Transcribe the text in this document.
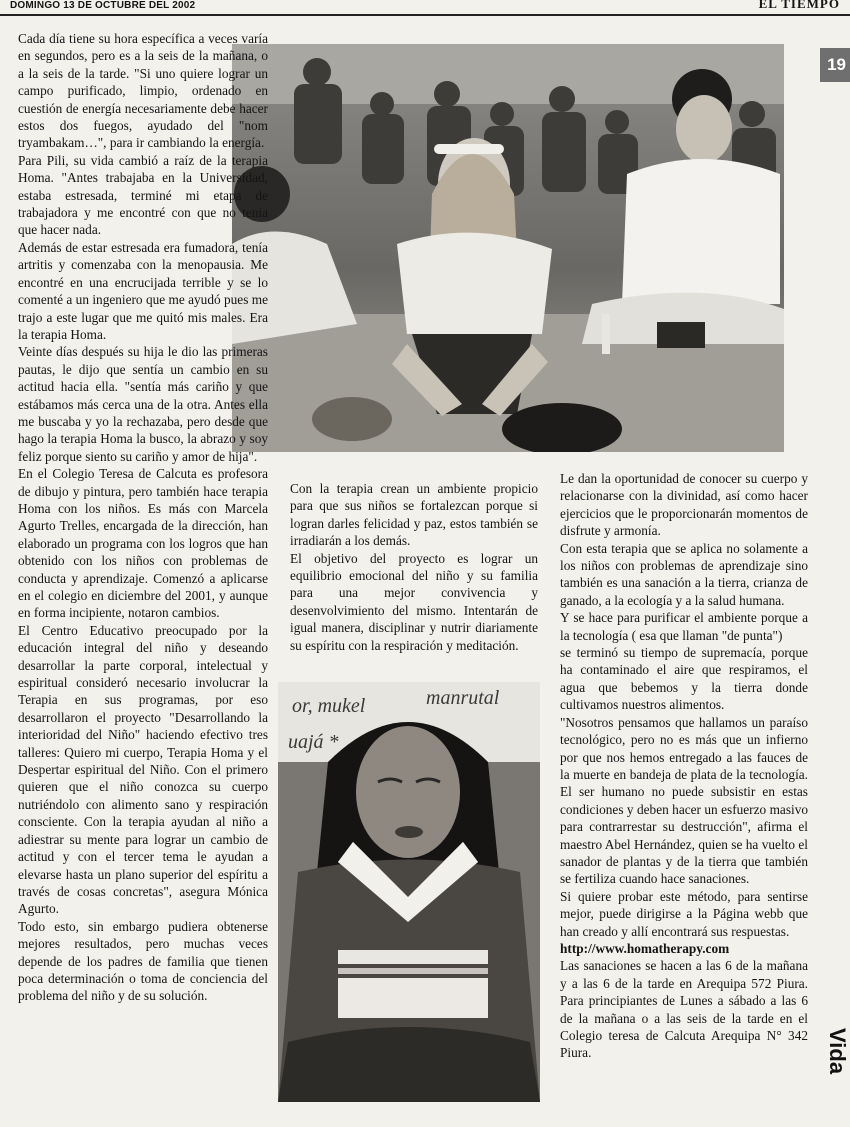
DOMINGO 13 DE OCTUBRE DEL 2002	EL TIEMPO
19
Vida
or, mukel	manrutal
uajá *

Cada día tiene su hora específica a veces varía en segundos, pero es a la seis de la mañana, o a la seis de la tarde. "Si uno quiere lograr un campo purificado, limpio, ordenado en cuestión de energía necesariamente debe hacer estos dos fuegos, ayudado del "nom tryambakam…", para ir cambiando la energía.

Para Pili, su vida cambió a raíz de la terapia Homa. "Antes trabajaba en la Universidad, estaba estresada, terminé mi etapa de trabajadora y me encontré con que no tenía que hacer nada.

Además de estar estresada era fumadora, tenía artritis y comenzaba con la menopausia. Me encontré en una encrucijada terrible y se lo comenté a un ingeniero que me ayudó pues me trajo a este lugar que me quitó mis males. Era la terapia Homa.

Veinte días después su hija le dio las primeras pautas, le dijo que sentía un cambio en su actitud hacia ella. "sentía más cariño y que estábamos más cerca una de la otra. Antes ella me buscaba y yo la rechazaba, pero desde que hago la terapia Homa la busco, la abrazo y soy feliz porque siento su cariño y amor de hija".

En el Colegio Teresa de Calcuta es profesora de dibujo y pintura, pero también hace terapia Homa con los niños. Es más con Marcela Agurto Trelles, encargada de la dirección, han elaborado un programa con los logros que han obtenido con los niños con problemas de conducta y aprendizaje. Comenzó a aplicarse en el colegio en diciembre del 2001, y aunque en forma incipiente, notaron cambios.

El Centro Educativo preocupado por la educación integral del niño y deseando desarrollar la parte corporal, intelectual y espiritual consideró necesario involucrar la Terapia en sus programas, por eso desarrollaron el proyecto "Desarrollando la interioridad del Niño" haciendo efectivo tres talleres: Quiero mi cuerpo, Terapia Homa y el Despertar espiritual del Niño. Con el primero quieren que el niño conozca su cuerpo nutriéndolo con alimento sano y respiración consciente. Con la terapia ayudan al niño a adiestrar su mente para lograr un cambio de actitud y con el tercer tema le ayudan a elevarse hasta un plano superior del espíritu a través de cosas concretas", asegura Mónica Agurto.

Todo esto, sin embargo pudiera obtenerse mejores resultados, pero muchas veces depende de los padres de familia que tienen poca determinación o toma de conciencia del problema del niño y de su solución.

Con la terapia crean un ambiente propicio para que sus niños se fortalezcan porque si logran darles felicidad y paz, estos también se irradiarán a los demás.

El objetivo del proyecto es lograr un equilibrio emocional del niño y su familia para una mejor convivencia y desenvolvimiento del mismo. Intentarán de igual manera, disciplinar y nutrir diariamente su espíritu con la respiración y meditación.

Le dan la oportunidad de conocer su cuerpo y relacionarse con la divinidad, así como hacer ejercicios que le proporcionarán momentos de disfrute y armonía.

Con esta terapia que se aplica no solamente a los niños con problemas de aprendizaje sino también es una sanación a la tierra, crianza de ganado, a la ecología y a la salud humana.

Y se hace para purificar el ambiente porque a la tecnología ( esa que llaman "de punta")

se terminó su tiempo de supremacía, porque ha contaminado el aire que respiramos, el agua que bebemos y la tierra donde cultivamos nuestros alimentos.

"Nosotros pensamos que hallamos un paraíso tecnológico, pero no es más que un infierno por que nos hemos entregado a las fauces de la muerte en bandeja de plata de la tecnología. El ser humano no puede subsistir en estas condiciones y deben hacer un esfuerzo masivo para contrarrestar su destrucción", afirma el maestro Abel Hernández, quien se ha vuelto el sanador de plantas y de la tierra que también se fertiliza cuando hace sanaciones.

Si quiere probar este método, para sentirse mejor, puede dirigirse a la Página webb que han creado y allí encontrará sus respuestas.

http://www.homatherapy.com

Las sanaciones se hacen a las 6 de la mañana y a las 6 de la tarde en Arequipa 572 Piura. Para principiantes de Lunes a sábado a las 6 de la mañana o a las seis de la tarde en el Colegio teresa de Calcuta Arequipa N° 342 Piura.
